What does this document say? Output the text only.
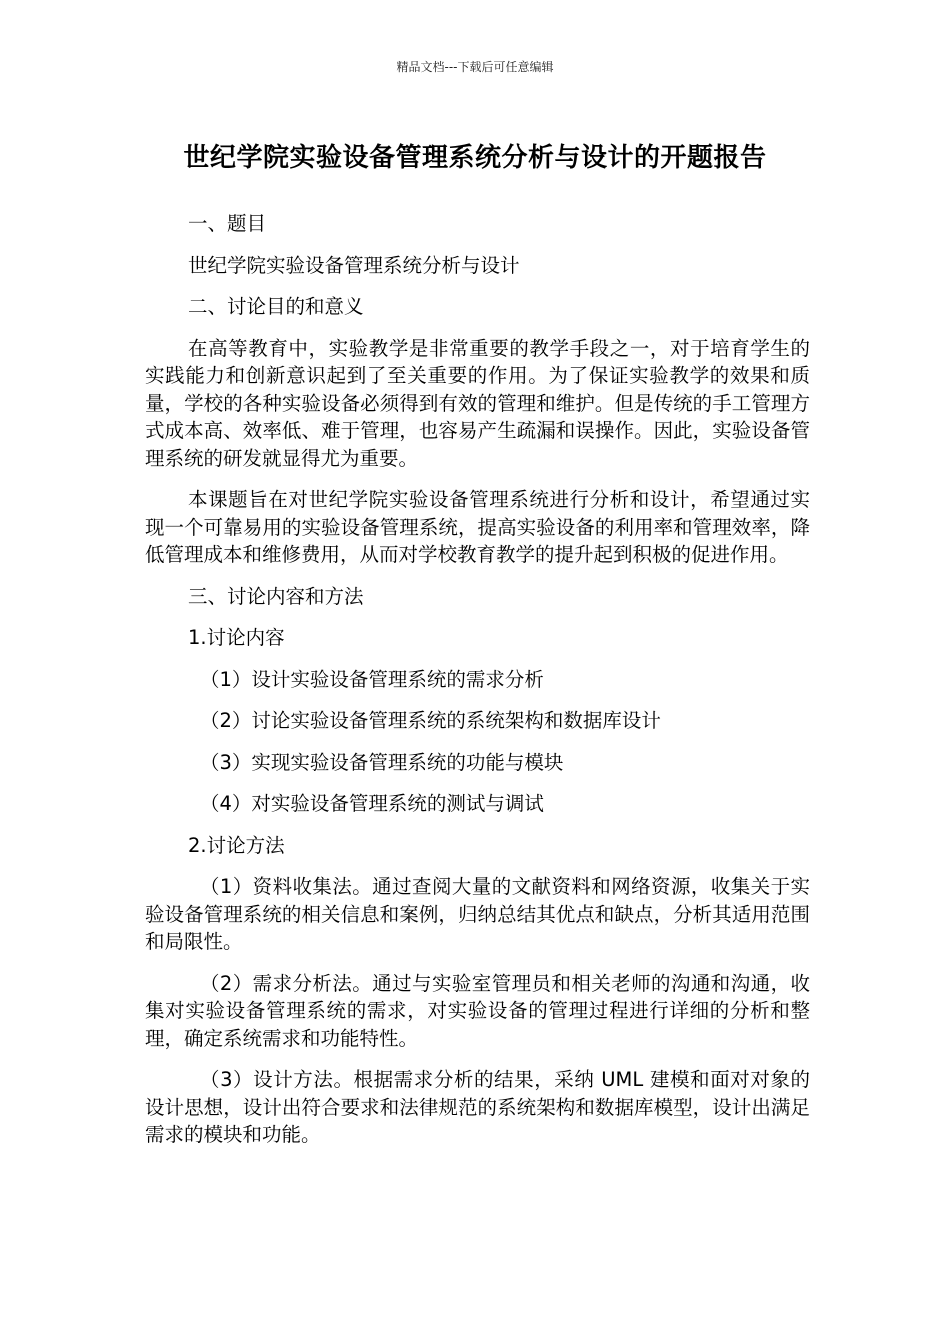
精品文档---下载后可任意编辑
世纪学院实验设备管理系统分析与设计的开题报告
一、题目
世纪学院实验设备管理系统分析与设计
二、讨论目的和意义

在高等教育中，实验教学是非常重要的教学手段之一，对于培育学生的实践能力和创新意识起到了至关重要的作用。为了保证实验教学的效果和质量，学校的各种实验设备必须得到有效的管理和维护。但是传统的手工管理方式成本高、效率低、难于管理，也容易产生疏漏和误操作。因此，实验设备管理系统的研发就显得尤为重要。

本课题旨在对世纪学院实验设备管理系统进行分析和设计，希望通过实现一个可靠易用的实验设备管理系统，提高实验设备的利用率和管理效率，降低管理成本和维修费用，从而对学校教育教学的提升起到积极的促进作用。

三、讨论内容和方法
1.讨论内容
（1）设计实验设备管理系统的需求分析
（2）讨论实验设备管理系统的系统架构和数据库设计
（3）实现实验设备管理系统的功能与模块
（4）对实验设备管理系统的测试与调试
2.讨论方法

（1）资料收集法。通过查阅大量的文献资料和网络资源，收集关于实验设备管理系统的相关信息和案例，归纳总结其优点和缺点，分析其适用范围和局限性。

（2）需求分析法。通过与实验室管理员和相关老师的沟通和沟通，收集对实验设备管理系统的需求，对实验设备的管理过程进行详细的分析和整理，确定系统需求和功能特性。

（3）设计方法。根据需求分析的结果，采纳 UML 建模和面对对象的设计思想，设计出符合要求和法律规范的系统架构和数据库模型，设计出满足需求的模块和功能。
